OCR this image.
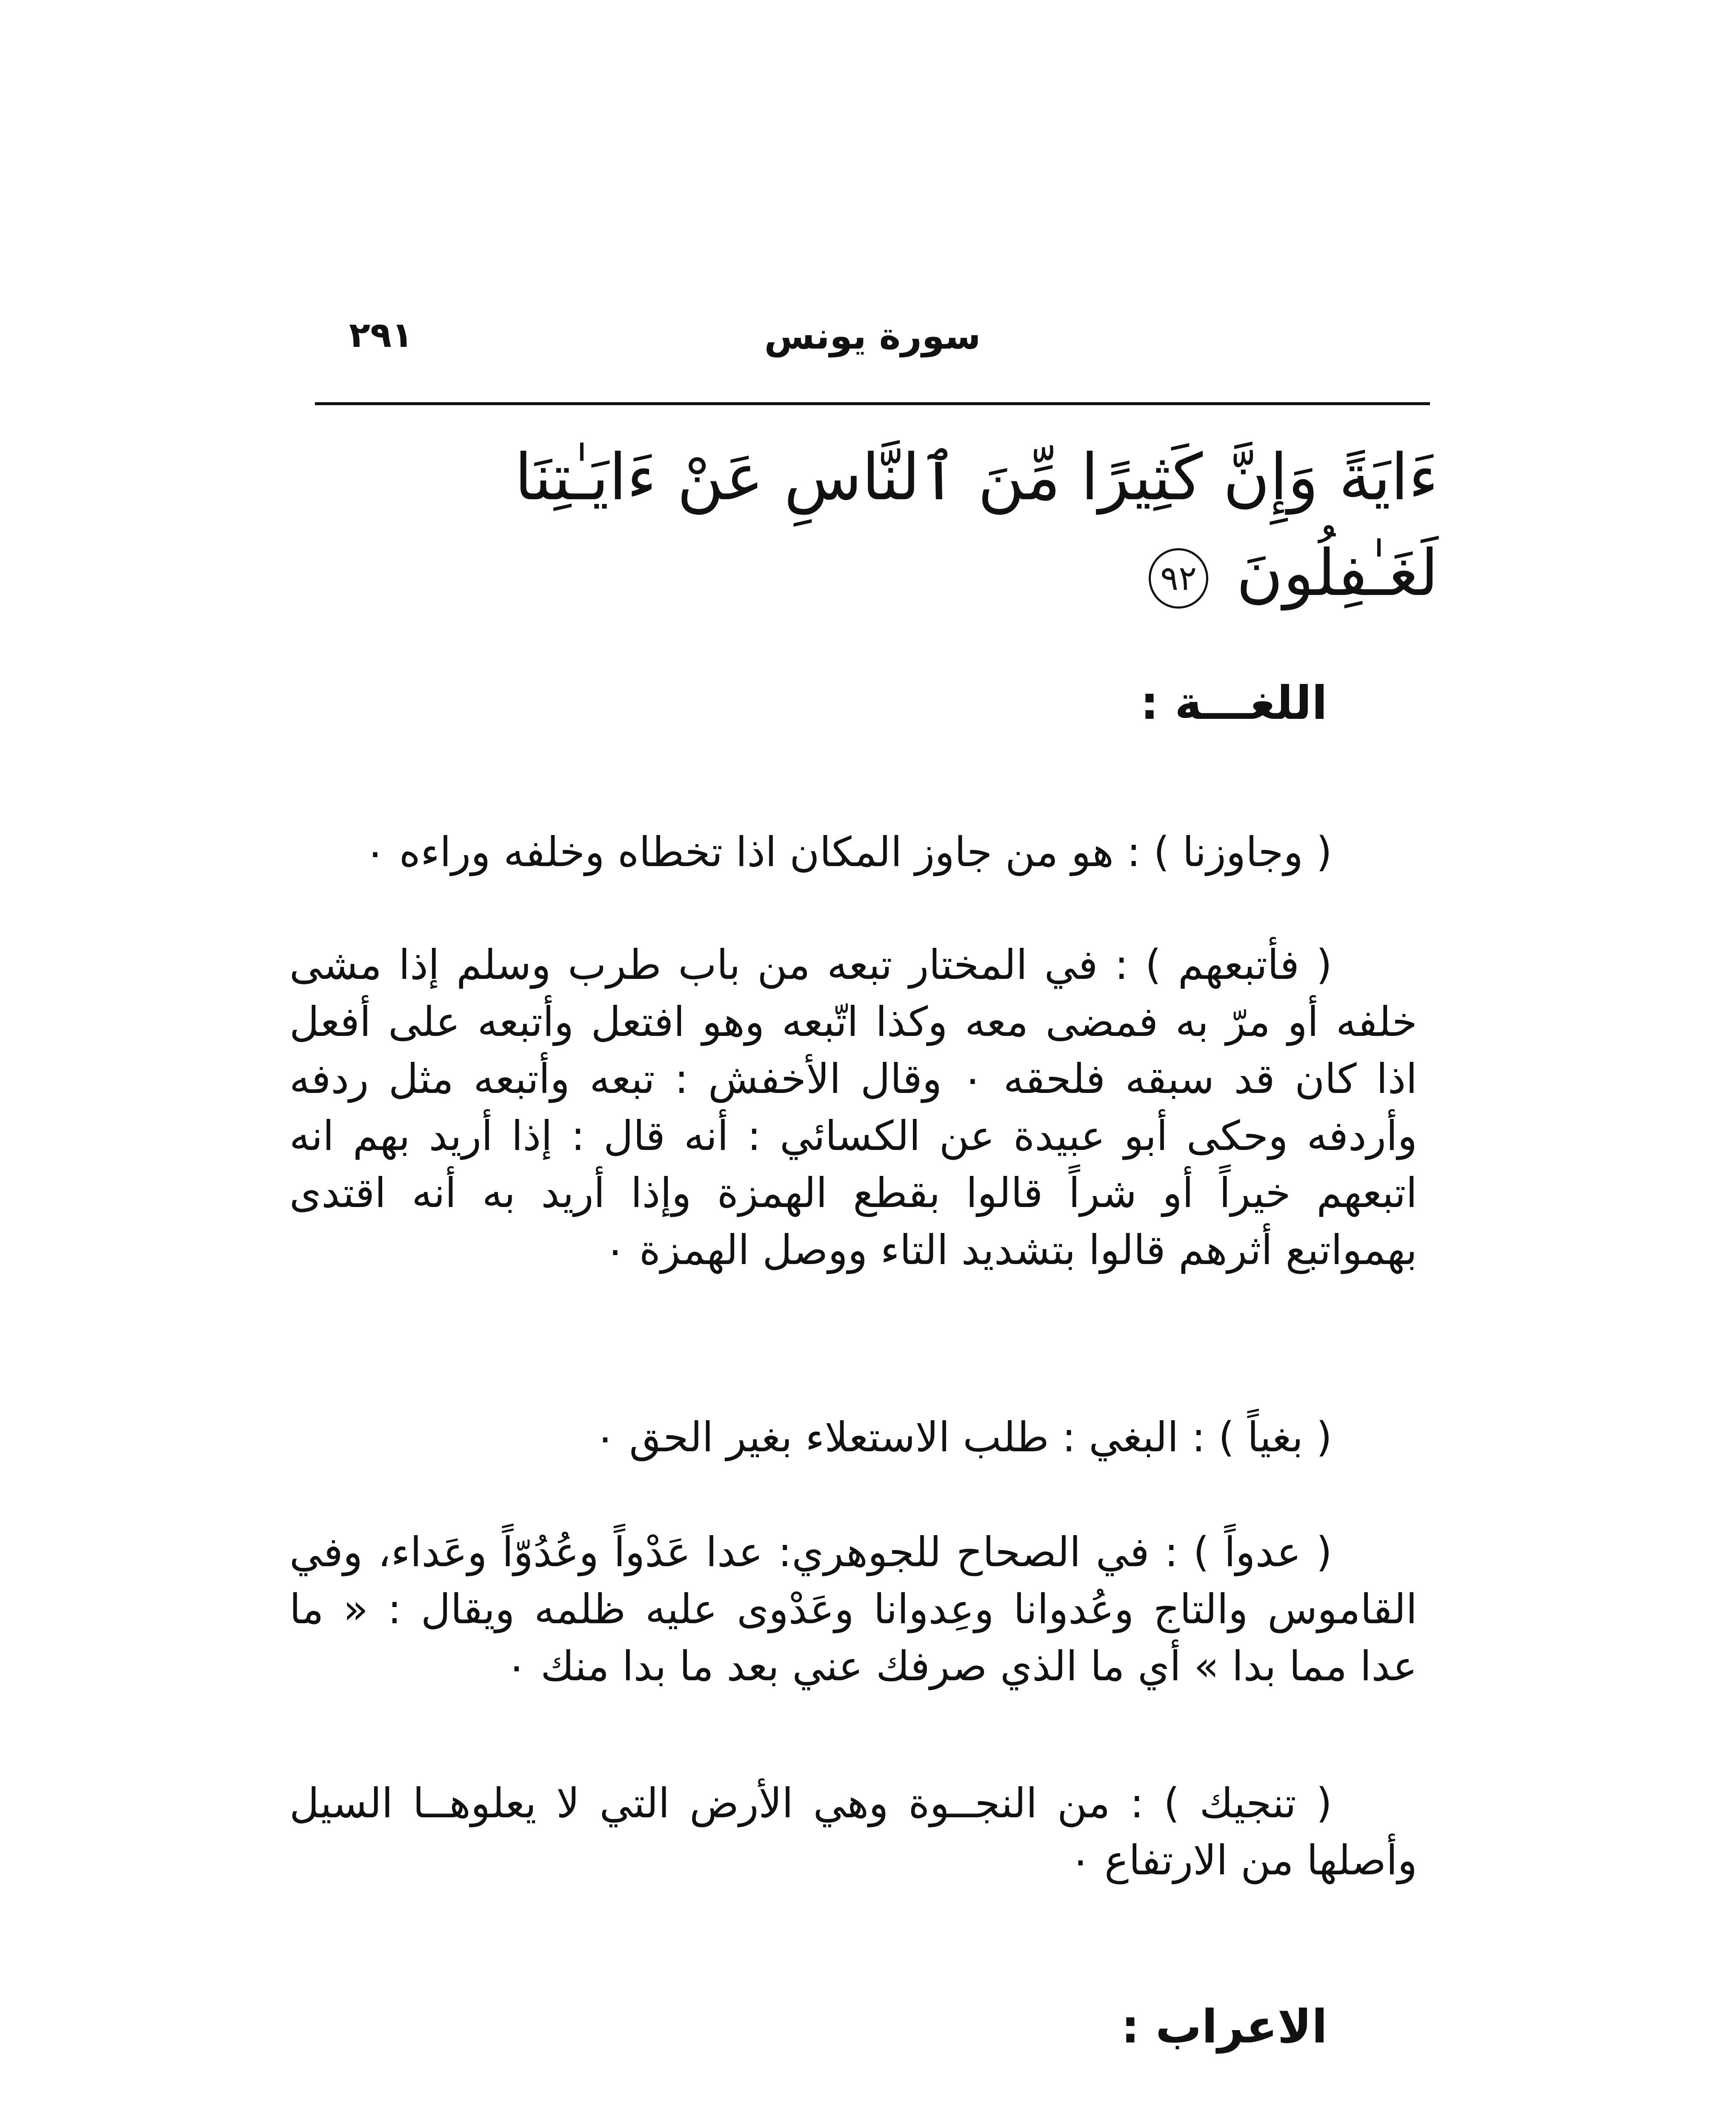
٢٩١	سورة يونس
ءَايَةً وَإِنَّ كَثِيرًا مِّنَ ٱلنَّاسِ عَنْ ءَايَـٰتِنَا لَغَـٰفِلُونَ ٩٢
اللغـــة :
( وجاوزنا ) : هو من جاوز المكان اذا تخطاه وخلفه وراءه ٠
( فأتبعهم ) : في المختار تبعه من باب طرب وسلم إذا مشى خلفه أو مرّ به فمضى معه وكذا اتّبعه وهو افتعل وأتبعه على أفعل اذا كان قد سبقه فلحقه ٠ وقال الأخفش : تبعه وأتبعه مثل ردفه وأردفه وحكى أبو عبيدة عن الكسائي : أنه قال : إذا أريد بهم انه اتبعهم خيراً أو شراً قالوا بقطع الهمزة وإذا أريد به أنه اقتدى بهمواتبع أثرهم قالوا بتشديد التاء ووصل الهمزة ٠
( بغياً ) : البغي : طلب الاستعلاء بغير الحق ٠
( عدواً ) : في الصحاح للجوهري: عدا عَدْواً وعُدُوّاً وعَداء، وفي القاموس والتاج وعُدوانا وعِدوانا وعَدْوى عليه ظلمه ويقال : « ما عدا مما بدا » أي ما الذي صرفك عني بعد ما بدا منك ٠
( تنجيك ) : من النجــوة وهي الأرض التي لا يعلوهــا السيل وأصلها من الارتفاع ٠
الاعراب :
